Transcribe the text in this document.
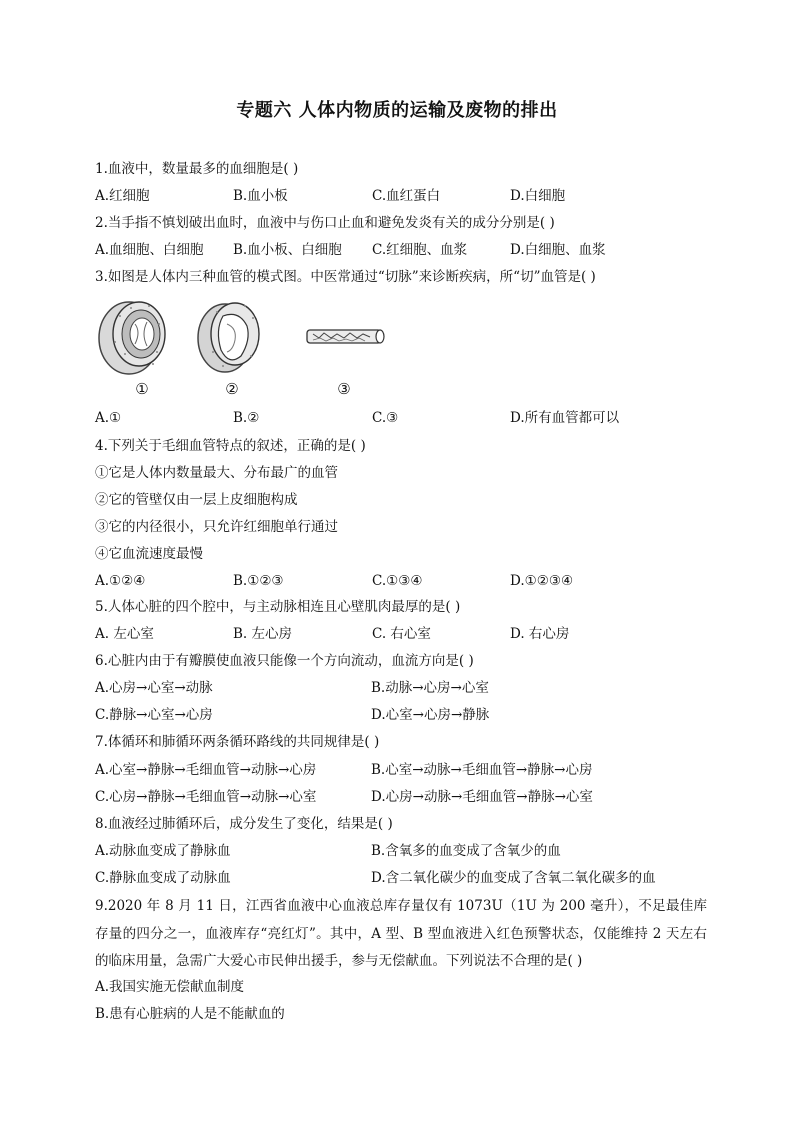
专题六 人体内物质的运输及废物的排出
1.血液中，数量最多的血细胞是( )
A.红细胞	B.血小板	C.血红蛋白	D.白细胞
2.当手指不慎划破出血时，血液中与伤口止血和避免发炎有关的成分分别是( )
A.血细胞、白细胞 B.血小板、白细胞 C.红细胞、血浆	D.白细胞、血浆
3.如图是人体内三种血管的模式图。中医常通过“切脉”来诊断疾病，所“切”血管是( )
①	②	③
A.①	B.②	C.③	D.所有血管都可以
4.下列关于毛细血管特点的叙述，正确的是( )
①它是人体内数量最大、分布最广的血管
②它的管壁仅由一层上皮细胞构成
③它的内径很小，只允许红细胞单行通过
④它血流速度最慢
A.①②④	B.①②③	C.①③④	D.①②③④
5.人体心脏的四个腔中，与主动脉相连且心壁肌肉最厚的是( )
A. 左心室	B. 左心房	C. 右心室	D. 右心房
6.心脏内由于有瓣膜使血液只能像一个方向流动，血流方向是( )
A.心房→心室→动脉	B.动脉→心房→心室
C.静脉→心室→心房	D.心室→心房→静脉
7.体循环和肺循环两条循环路线的共同规律是( )
A.心室→静脉→毛细血管→动脉→心房	B.心室→动脉→毛细血管→静脉→心房
C.心房→静脉→毛细血管→动脉→心室	D.心房→动脉→毛细血管→静脉→心室
8.血液经过肺循环后，成分发生了变化，结果是( )
A.动脉血变成了静脉血	B.含氧多的血变成了含氧少的血
C.静脉血变成了动脉血	D.含二氧化碳少的血变成了含氧二氧化碳多的血
9.2020 年 8 月 11 日，江西省血液中心血液总库存量仅有 1073U（1U 为 200 毫升），不足最佳库存量的四分之一，血液库存“亮红灯”。其中，A 型、B 型血液进入红色预警状态，仅能维持 2 天左右的临床用量，急需广大爱心市民伸出援手，参与无偿献血。下列说法不合理的是( )
A.我国实施无偿献血制度
B.患有心脏病的人是不能献血的
